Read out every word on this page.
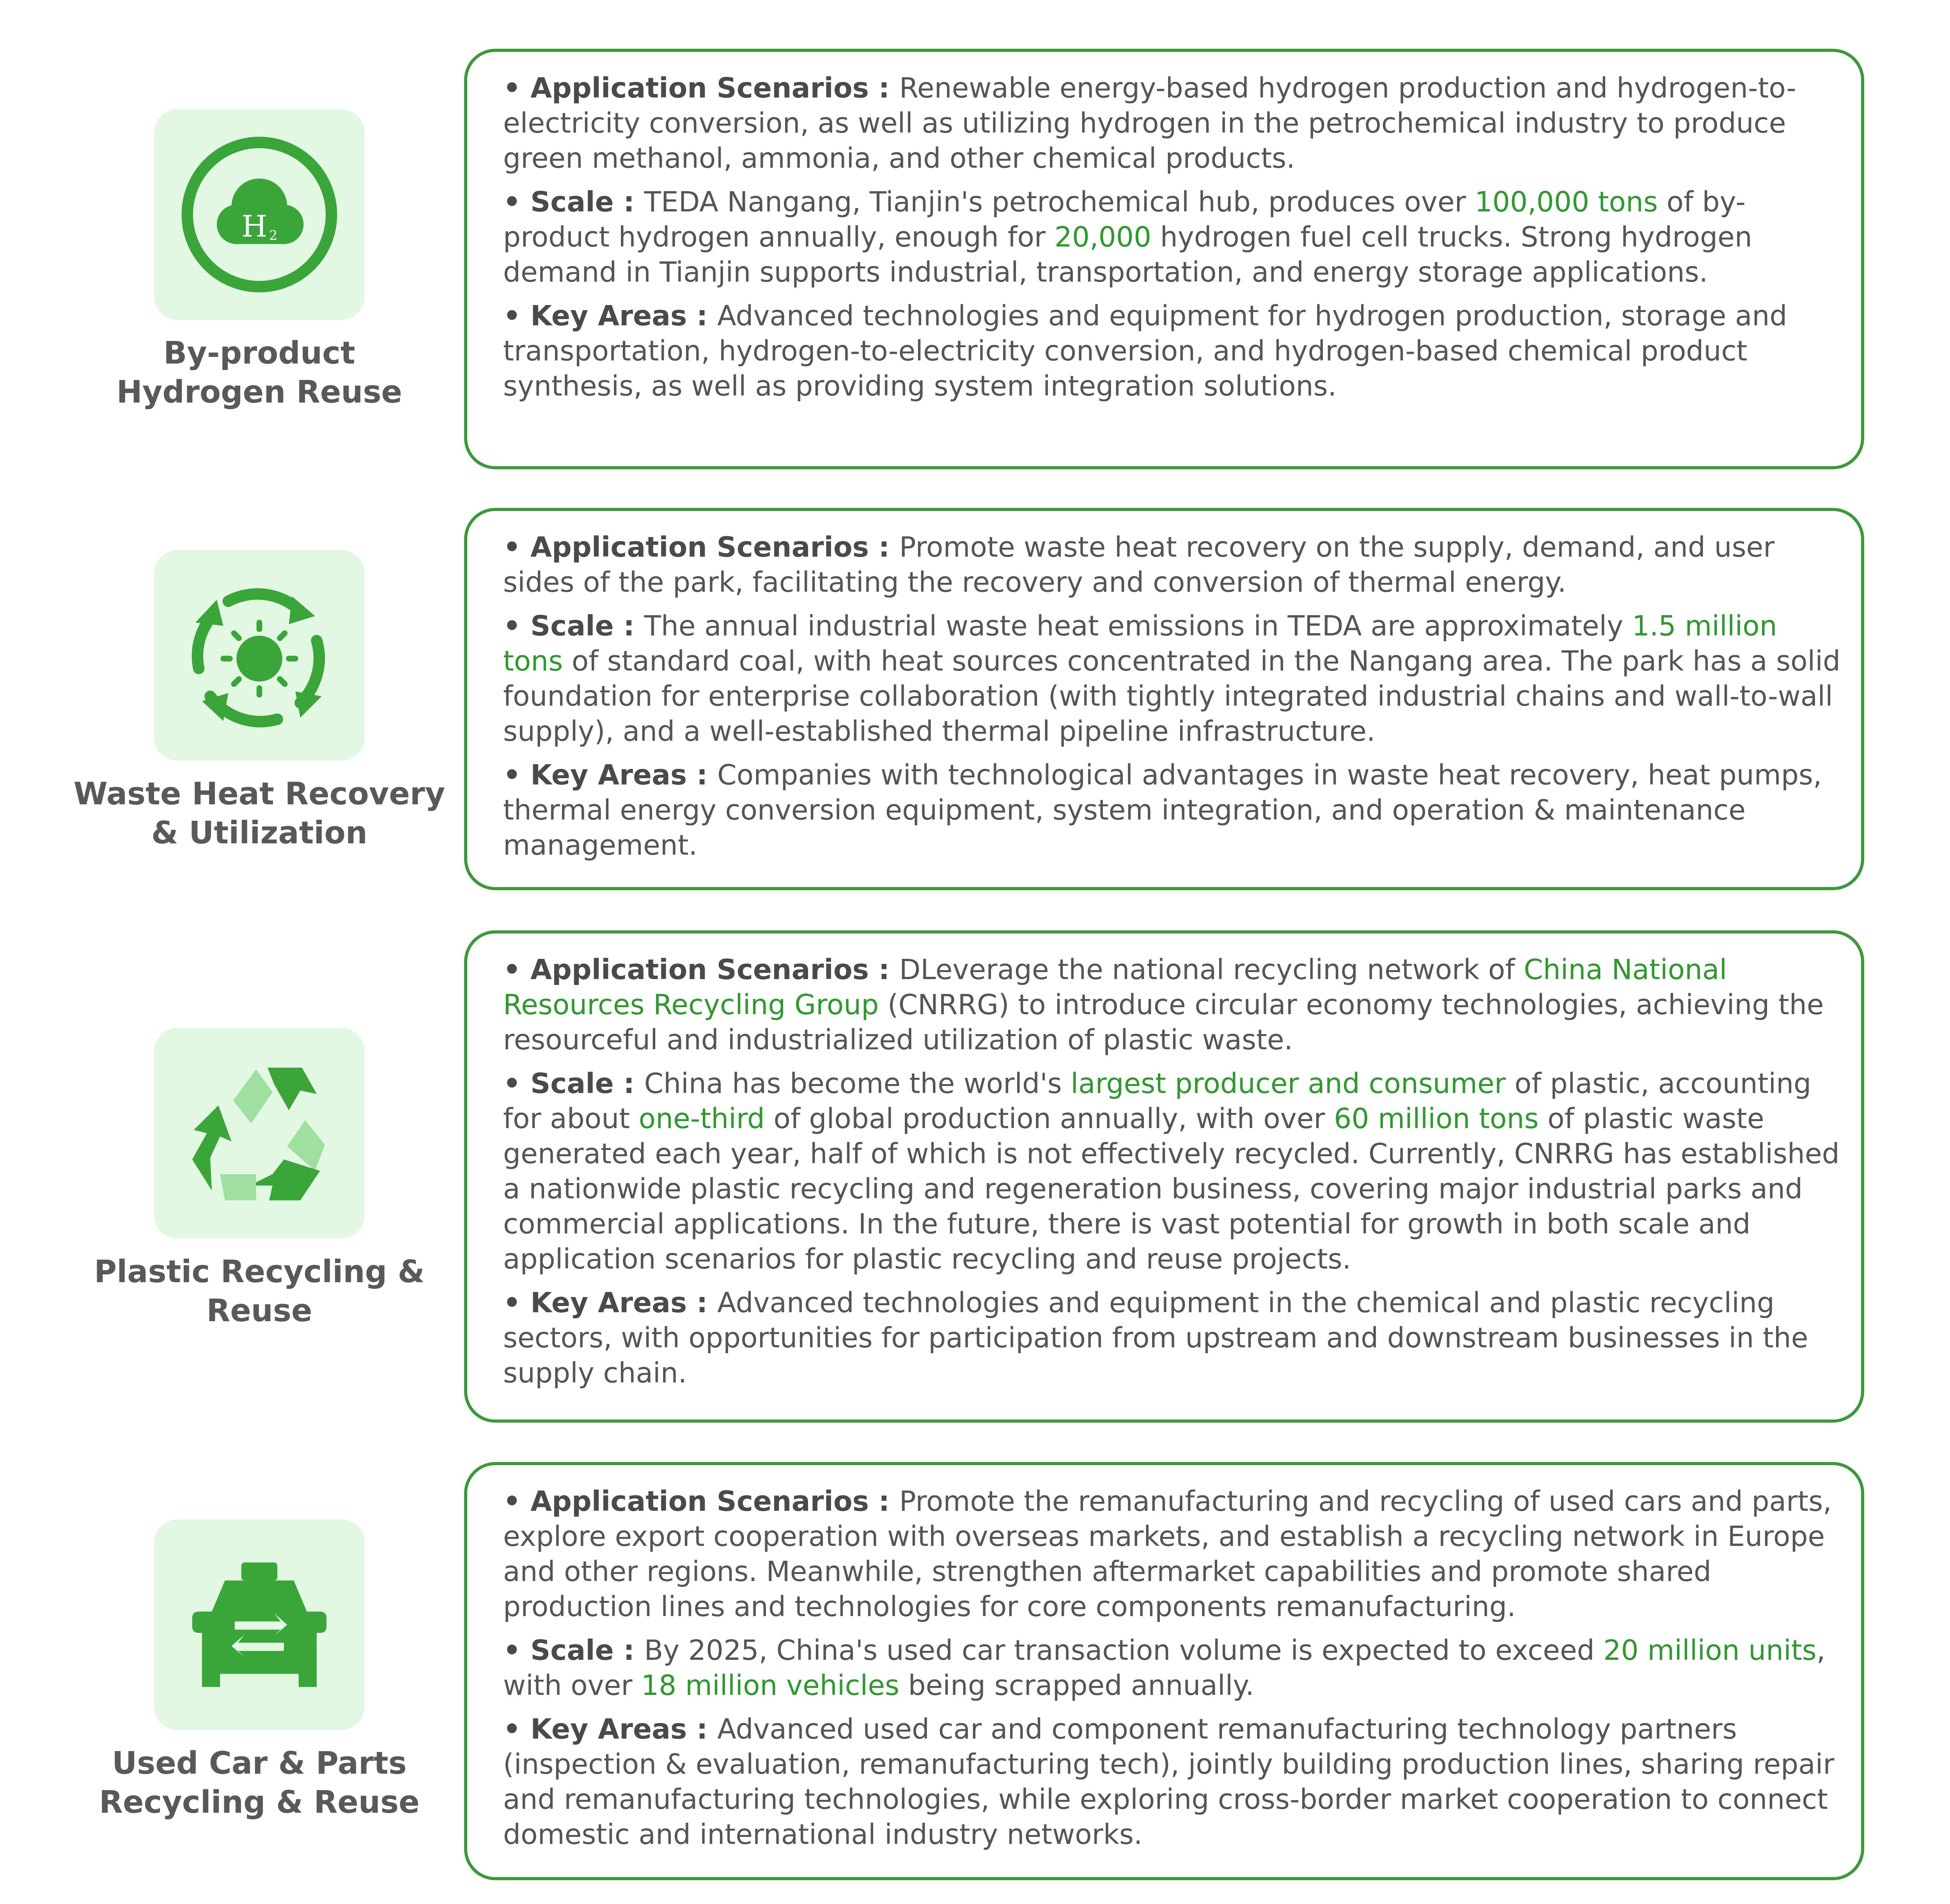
H 2
By-product
Hydrogen Reuse

• Application Scenarios : Renewable energy-based hydrogen production and hydrogen-to-electricity conversion, as well as utilizing hydrogen in the petrochemical industry to produce green methanol, ammonia, and other chemical products.

• Scale : TEDA Nangang, Tianjin's petrochemical hub, produces over 100,000 tons of by-product hydrogen annually, enough for 20,000 hydrogen fuel cell trucks. Strong hydrogen demand in Tianjin supports industrial, transportation, and energy storage applications.

• Key Areas : Advanced technologies and equipment for hydrogen production, storage and transportation, hydrogen-to-electricity conversion, and hydrogen-based chemical product synthesis, as well as providing system integration solutions.

Waste Heat Recovery
& Utilization

• Application Scenarios : Promote waste heat recovery on the supply, demand, and user sides of the park, facilitating the recovery and conversion of thermal energy.

• Scale : The annual industrial waste heat emissions in TEDA are approximately 1.5 million tons of standard coal, with heat sources concentrated in the Nangang area. The park has a solid foundation for enterprise collaboration (with tightly integrated industrial chains and wall-to-wall supply), and a well-established thermal pipeline infrastructure.

• Key Areas : Companies with technological advantages in waste heat recovery, heat pumps, thermal energy conversion equipment, system integration, and operation & maintenance management.

Plastic Recycling &
Reuse

• Application Scenarios : DLeverage the national recycling network of China National Resources Recycling Group (CNRRG) to introduce circular economy technologies, achieving the resourceful and industrialized utilization of plastic waste.

• Scale : China has become the world's largest producer and consumer of plastic, accounting for about one-third of global production annually, with over 60 million tons of plastic waste generated each year, half of which is not effectively recycled. Currently, CNRRG has established a nationwide plastic recycling and regeneration business, covering major industrial parks and commercial applications. In the future, there is vast potential for growth in both scale and application scenarios for plastic recycling and reuse projects.

• Key Areas : Advanced technologies and equipment in the chemical and plastic recycling sectors, with opportunities for participation from upstream and downstream businesses in the supply chain.

Used Car & Parts
Recycling & Reuse

• Application Scenarios : Promote the remanufacturing and recycling of used cars and parts, explore export cooperation with overseas markets, and establish a recycling network in Europe and other regions. Meanwhile, strengthen aftermarket capabilities and promote shared production lines and technologies for core components remanufacturing.

• Scale : By 2025, China's used car transaction volume is expected to exceed 20 million units, with over 18 million vehicles being scrapped annually.

• Key Areas : Advanced used car and component remanufacturing technology partners (inspection & evaluation, remanufacturing tech), jointly building production lines, sharing repair and remanufacturing technologies, while exploring cross-border market cooperation to connect domestic and international industry networks.
